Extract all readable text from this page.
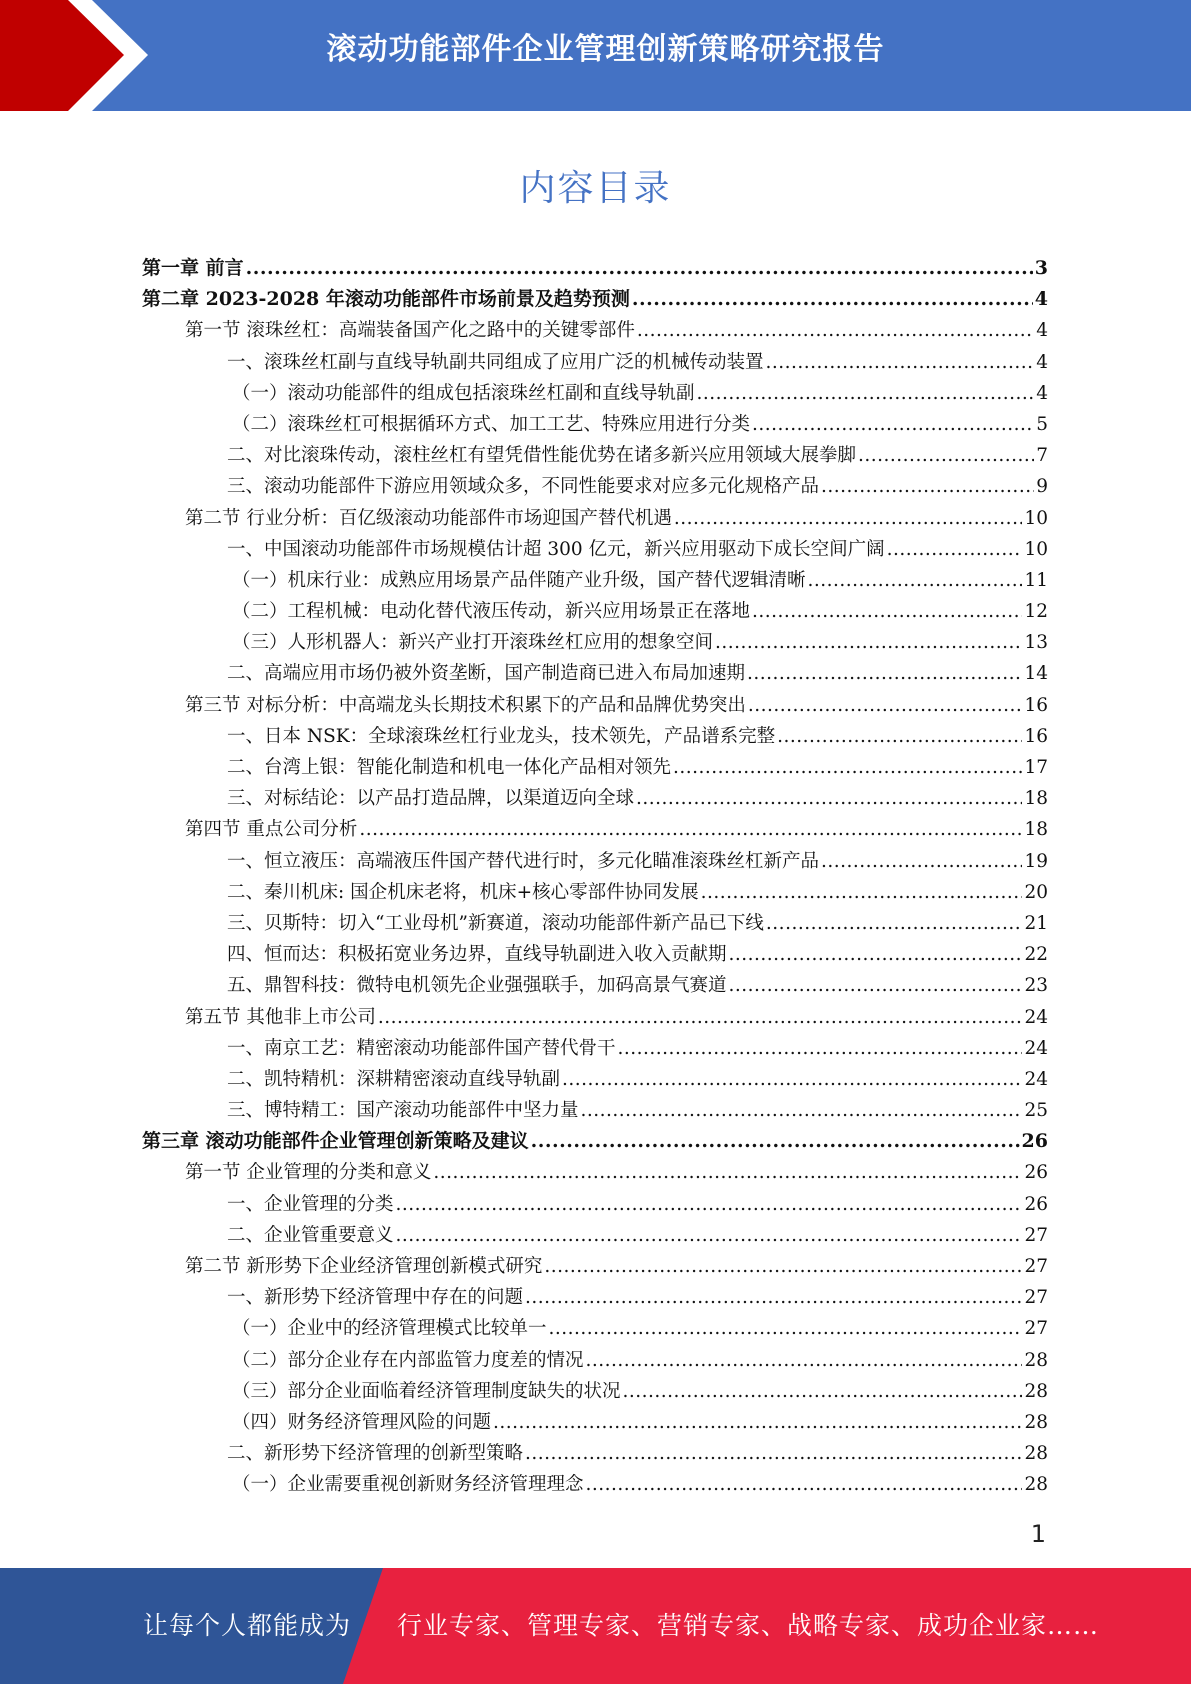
滚动功能部件企业管理创新策略研究报告
内容目录
第一章 前言 .....	3
第二章 2023-2028 年滚动功能部件市场前景及趋势预测 .....	4
第一节 滚珠丝杠：高端装备国产化之路中的关键零部件 .....	4
一、滚珠丝杠副与直线导轨副共同组成了应用广泛的机械传动装置 .....	4
（一）滚动功能部件的组成包括滚珠丝杠副和直线导轨副 .....	4
（二）滚珠丝杠可根据循环方式、加工工艺、特殊应用进行分类 .....	5
二、对比滚珠传动，滚柱丝杠有望凭借性能优势在诸多新兴应用领域大展拳脚 .....	7
三、滚动功能部件下游应用领域众多，不同性能要求对应多元化规格产品 .....	9
第二节 行业分析：百亿级滚动功能部件市场迎国产替代机遇 .....	10
一、中国滚动功能部件市场规模估计超 300 亿元，新兴应用驱动下成长空间广阔 .....	10
（一）机床行业：成熟应用场景产品伴随产业升级，国产替代逻辑清晰 .....	11
（二）工程机械：电动化替代液压传动，新兴应用场景正在落地 .....	12
（三）人形机器人：新兴产业打开滚珠丝杠应用的想象空间 .....	13
二、高端应用市场仍被外资垄断，国产制造商已进入布局加速期 .....	14
第三节 对标分析：中高端龙头长期技术积累下的产品和品牌优势突出 .....	16
一、日本 NSK：全球滚珠丝杠行业龙头，技术领先，产品谱系完整 .....	16
二、台湾上银：智能化制造和机电一体化产品相对领先 .....	17
三、对标结论：以产品打造品牌，以渠道迈向全球 .....	18
第四节 重点公司分析 .....	18
一、恒立液压：高端液压件国产替代进行时，多元化瞄准滚珠丝杠新产品 .....	19
二、秦川机床: 国企机床老将，机床+核心零部件协同发展 .....	20
三、贝斯特：切入“工业母机”新赛道，滚动功能部件新产品已下线 .....	21
四、恒而达：积极拓宽业务边界，直线导轨副进入收入贡献期 .....	22
五、鼎智科技：微特电机领先企业强强联手，加码高景气赛道 .....	23
第五节 其他非上市公司 .....	24
一、南京工艺：精密滚动功能部件国产替代骨干 .....	24
二、凯特精机：深耕精密滚动直线导轨副 .....	24
三、博特精工：国产滚动功能部件中坚力量 .....	25
第三章 滚动功能部件企业管理创新策略及建议 .....	26
第一节 企业管理的分类和意义 .....	26
一、企业管理的分类 .....	26
二、企业管重要意义 .....	27
第二节 新形势下企业经济管理创新模式研究 .....	27
一、新形势下经济管理中存在的问题 .....	27
（一）企业中的经济管理模式比较单一 .....	27
（二）部分企业存在内部监管力度差的情况 .....	28
（三）部分企业面临着经济管理制度缺失的状况 .....	28
（四）财务经济管理风险的问题 .....	28
二、新形势下经济管理的创新型策略 .....	28
（一）企业需要重视创新财务经济管理理念 .....	28
1
让每个人都能成为 行业专家、管理专家、营销专家、战略专家、成功企业家……
